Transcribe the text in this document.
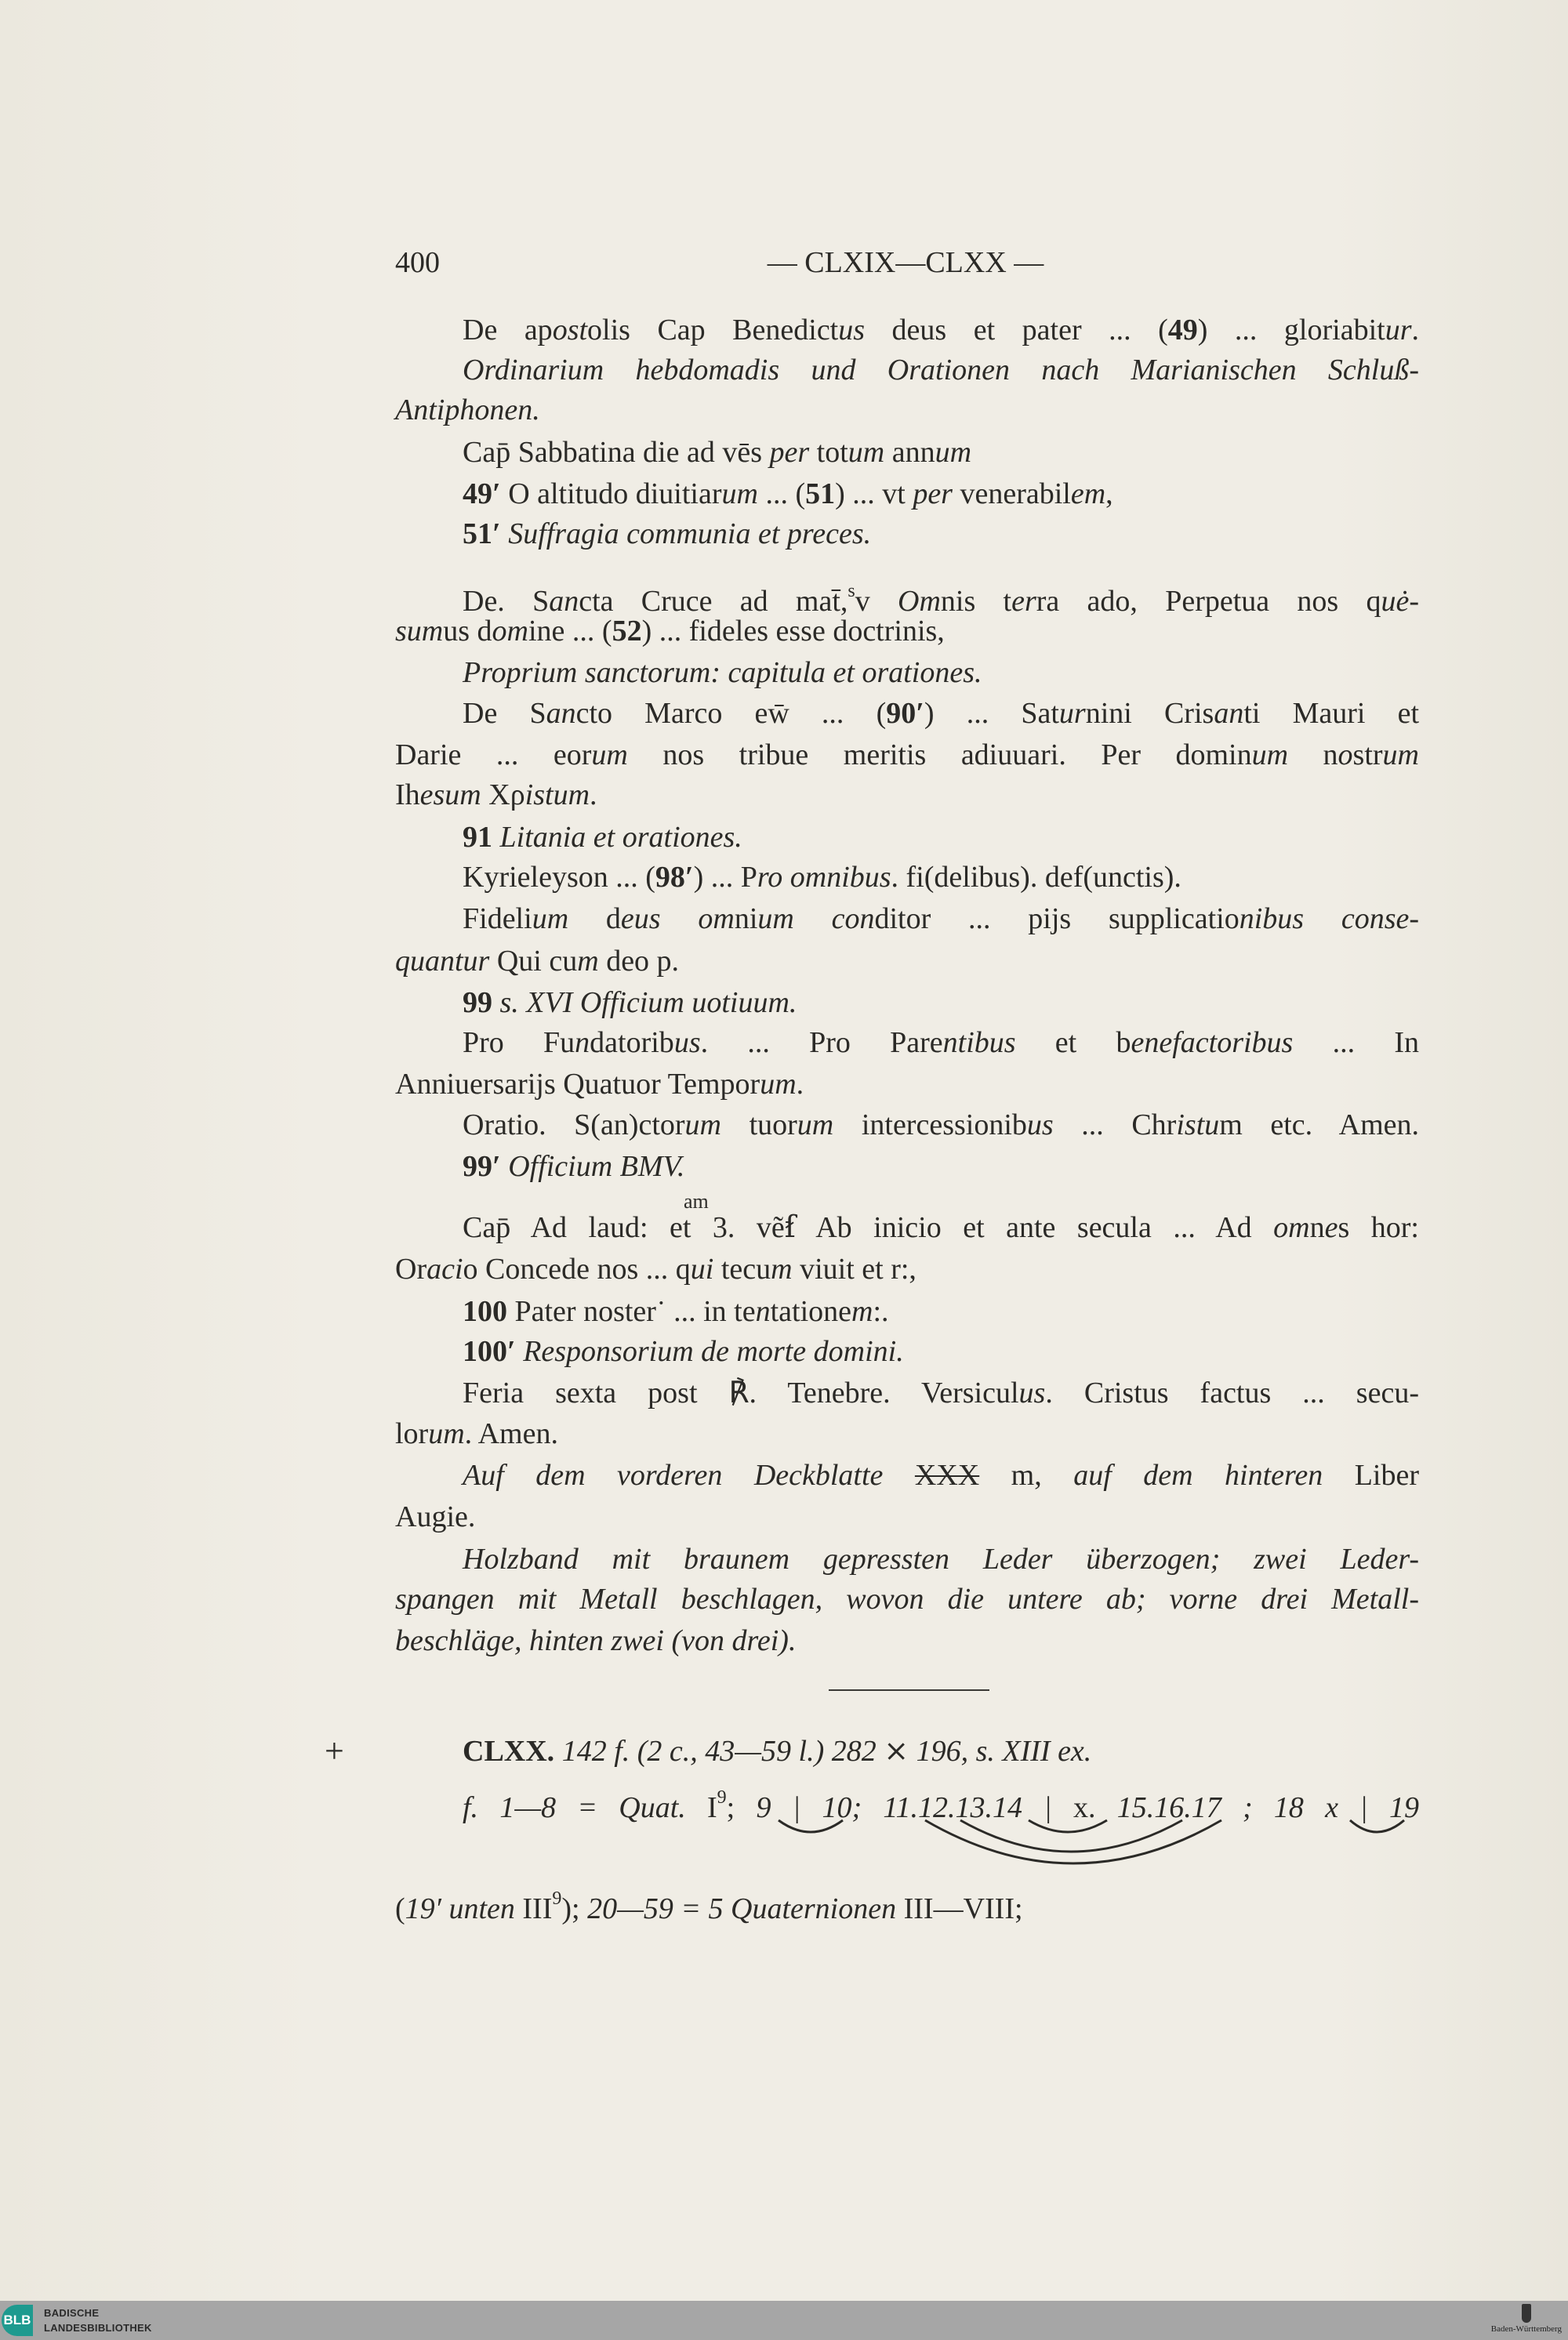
400	— CLXIX—CLXX —
De apostolis Cap Benedictus deus et pater ... (49) ... gloriabitur.
Ordinarium hebdomadis und Orationen nach Marianischen Schluß-
Antiphonen.
Cap̄ Sabbatina die ad vēs per totum annum
49′ O altitudo diuitiarum ... (51) ... vt per venerabilem,
51′ Suffragia communia et preces.
De. Sancta Cruce ad mat̄,$^s$v Omnis terra ado, Perpetua nos quė-
sumus domine ... (52) ... fideles esse doctrinis,
Proprium sanctorum: capitula et orationes.
De Sancto Marco ew̄ ... (90′) ... Saturnini Crisanti Mauri et
Darie ... eorum nos tribue meritis adiuuari. Per dominum nostrum
Ihesum Xρistum.
91 Litania et orationes.
Kyrieleyson ... (98′) ... Pro omnibus. fi(delibus). def(unctis).
Fidelium deus omnium conditor ... pijs supplicationibus conse-
quantur Qui cum deo p.
99 s. XVI Officium uotiuum.
Pro Fundatoribus. ... Pro Parentibus et benefactoribus ... In
Anniuersarijs Quatuor Temporum.
Oratio. S(an)ctorum tuorum intercessionibus ... Christum etc. Amen.
99′ Officium BMV.
am
Cap̄ Ad laud: et 3. vẽẜ Ab inicio et ante secula ... Ad omnes hor:
Oracio Concede nos ... qui tecum viuit et r:,
100 Pater noster˙ ... in tentationem:.
100′ Responsorium de morte domini.
Feria sexta post ℟. Tenebre. Versiculus. Cristus factus ... secu-
lorum. Amen.
Auf dem vorderen Deckblatte XXX m, auf dem hinteren Liber
Augie.
Holzband mit braunem gepressten Leder überzogen; zwei Leder-
spangen mit Metall beschlagen, wovon die untere ab; vorne drei Metall-
beschläge, hinten zwei (von drei).
+	CLXX. 142 f. (2 c., 43—59 l.) 282 ⨯ 196, s. XIII ex.
f. 1—8 = Quat. $I^9$; 9 | 10; 11.12.13.14 | x. 15.16.17 ; 18 x | 19
(19′ unten III$^9$); 20—59 = 5 Quaternionen III—VIII;
BLB BADISCHE
LANDESBIBLIOTHEK	Baden-Württemberg
